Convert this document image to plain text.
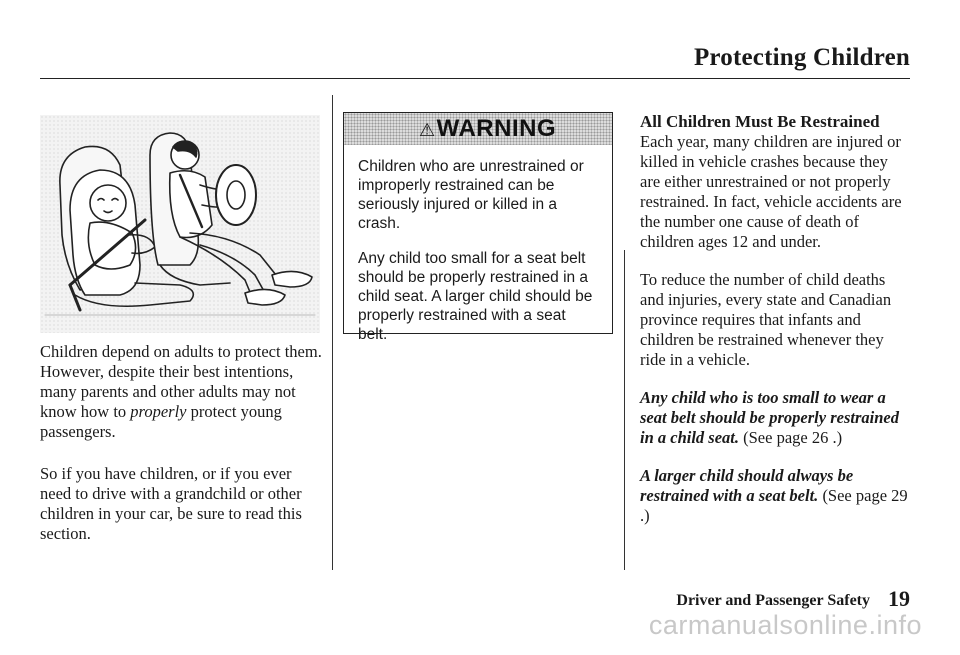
Protecting Children

Children depend on adults to protect them. However, despite their best intentions, many parents and other adults may not know how to properly protect young passengers.

So if you have children, or if you ever need to drive with a grandchild or other children in your car, be sure to read this section.

⚠WARNING

Children who are unrestrained or improperly restrained can be seriously injured or killed in a crash.

Any child too small for a seat belt should be properly restrained in a child seat. A larger child should be properly restrained with a seat belt.

All Children Must Be Restrained

Each year, many children are injured or killed in vehicle crashes because they are either unrestrained or not properly restrained. In fact, vehicle accidents are the number one cause of death of children ages 12 and under.

To reduce the number of child deaths and injuries, every state and Canadian province requires that infants and children be restrained whenever they ride in a vehicle.

Any child who is too small to wear a seat belt should be properly restrained in a child seat. (See page 26 .)

A larger child should always be restrained with a seat belt. (See page 29 .)

Driver and Passenger Safety 19
carmanualsonline.info
